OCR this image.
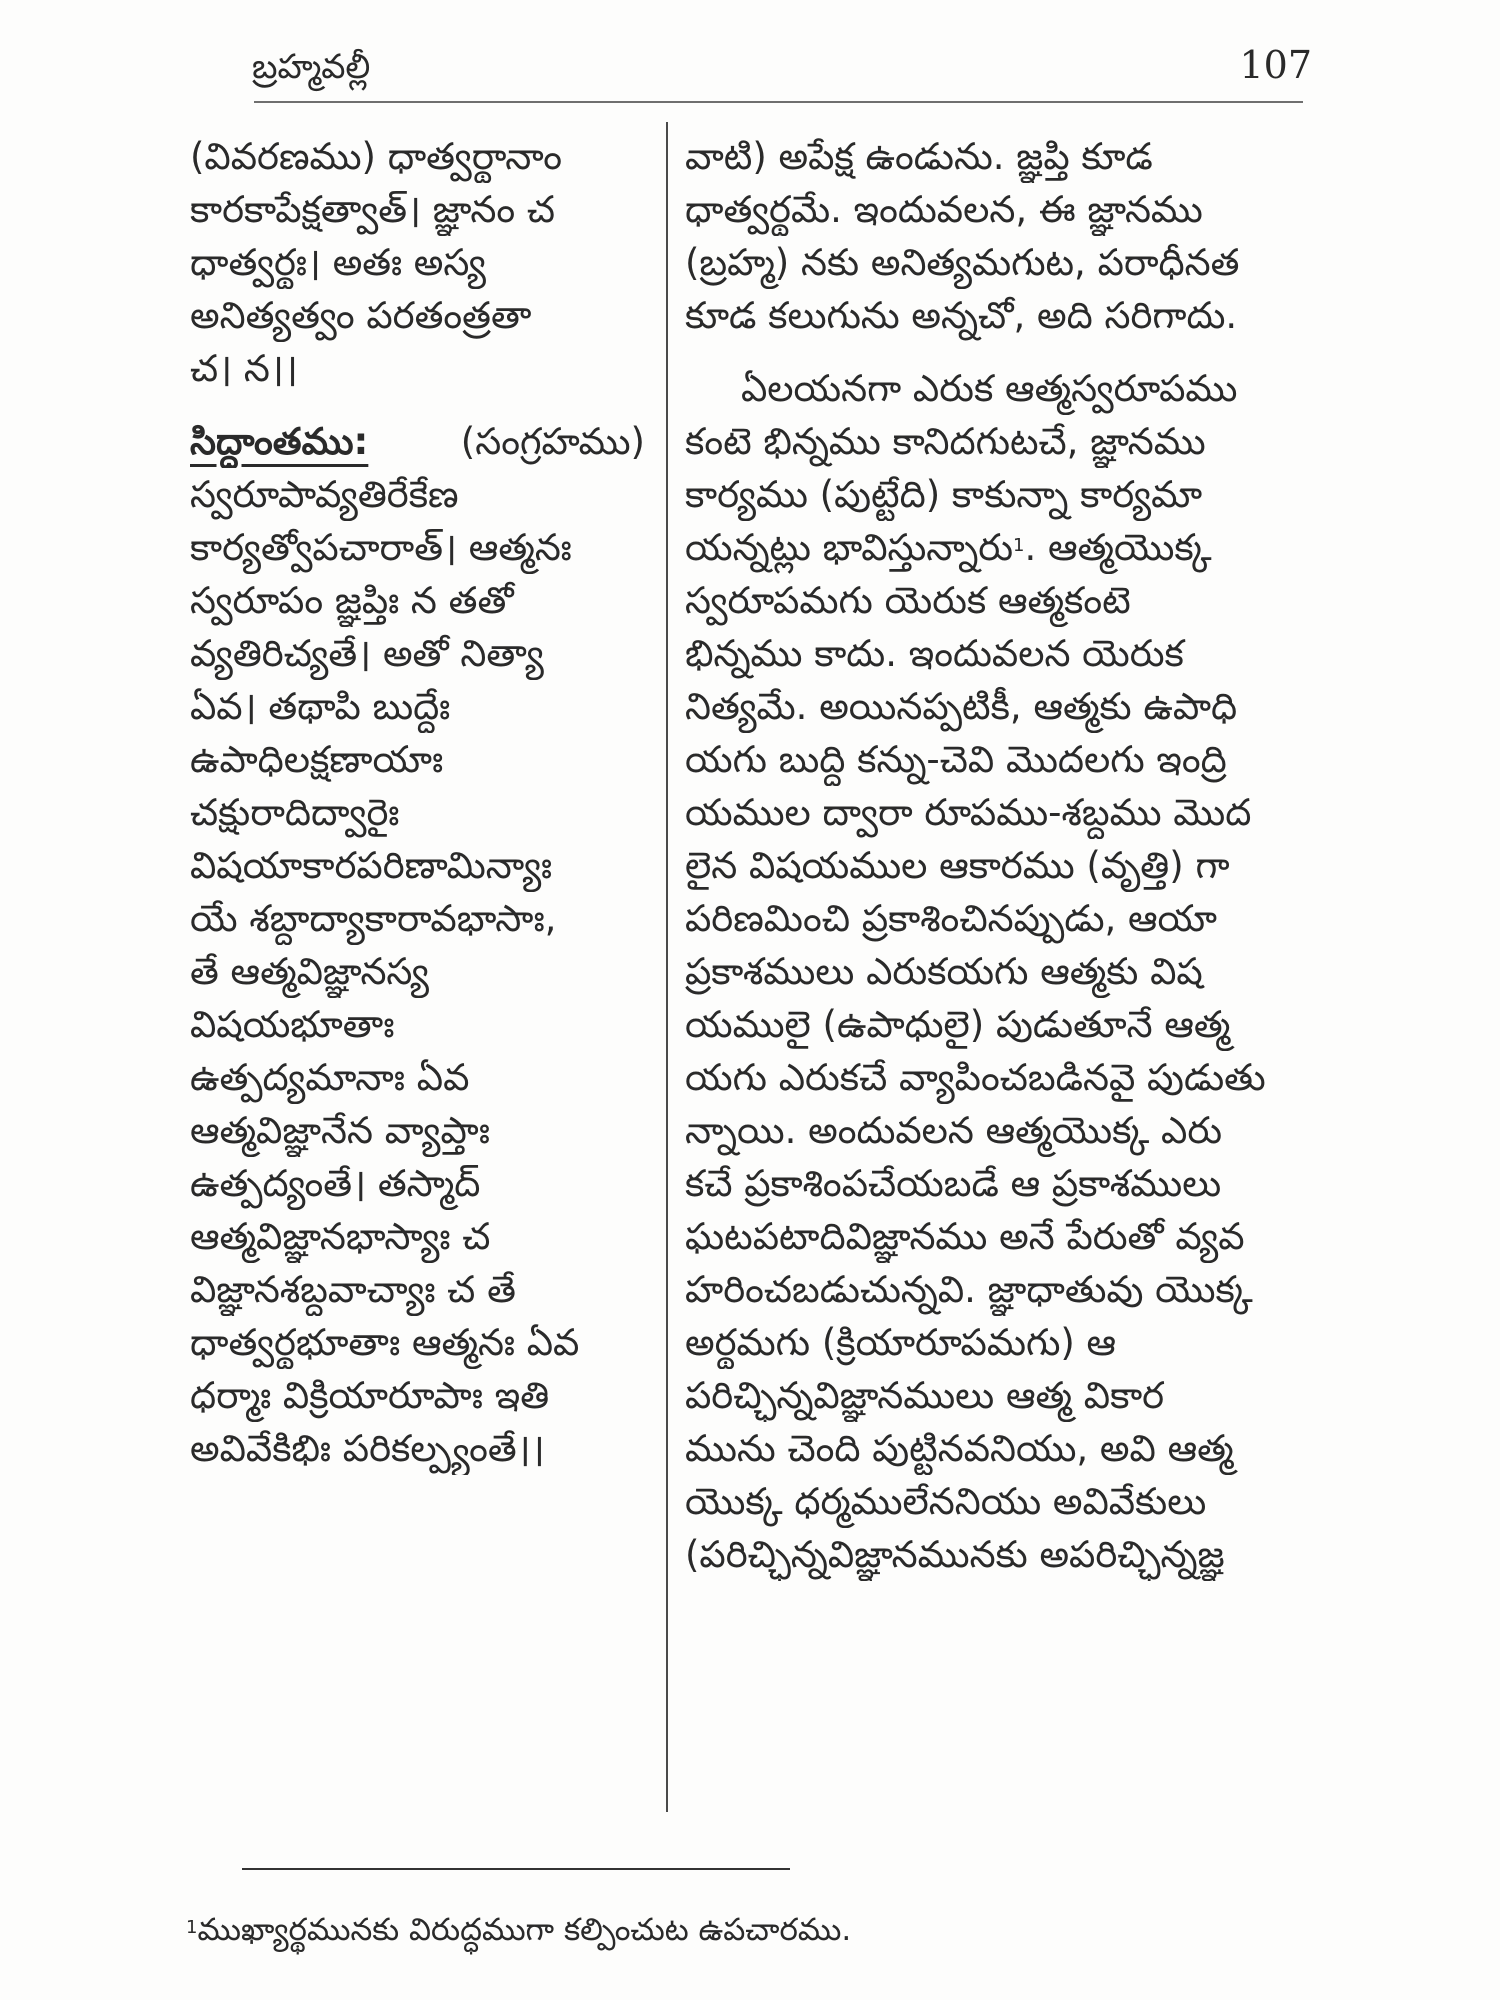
బ్రహ్మవల్లీ	107
(వివరణము) ధాత్వర్థానాం
కారకాపేక్షత్వాత్। జ్ఞానం చ
ధాత్వర్థః। అతః అస్య
అనిత్యత్వం పరతంత్రతా
చ। న।।
సిద్ధాంతము: (సంగ్రహము)
స్వరూపావ్యతిరేకేణ
కార్యత్వోపచారాత్। ఆత్మనః
స్వరూపం జ్ఞప్తిః న తతో
వ్యతిరిచ్యతే। అతో నిత్యా
ఏవ। తథాపి బుద్ధేః
ఉపాధిలక్షణాయాః
చక్షురాదిద్వారైః
విషయాకారపరిణామిన్యాః
యే శబ్దాద్యాకారావభాసాః,
తే ఆత్మవిజ్ఞానస్య
విషయభూతాః
ఉత్పద్యమానాః ఏవ
ఆత్మవిజ్ఞానేన వ్యాప్తాః
ఉత్పద్యంతే। తస్మాద్
ఆత్మవిజ్ఞానభాస్యాః చ
విజ్ఞానశబ్దవాచ్యాః చ తే
ధాత్వర్థభూతాః ఆత్మనః ఏవ
ధర్మాః విక్రియారూపాః ఇతి
అవివేకిభిః పరికల్ప్యంతే।।
వాటి) అపేక్ష ఉండును. జ్ఞప్తి కూడ
ధాత్వర్థమే. ఇందువలన, ఈ జ్ఞానము
(బ్రహ్మ) నకు అనిత్యమగుట, పరాధీనత
కూడ కలుగును అన్నచో, అది సరిగాదు.
ఏలయనగా ఎరుక ఆత్మస్వరూపము
కంటె భిన్నము కానిదగుటచే, జ్ఞానము
కార్యము (పుట్టేది) కాకున్నా కార్యమా
యన్నట్లు భావిస్తున్నారు$^1$. ఆత్మయొక్క
స్వరూపమగు యెరుక ఆత్మకంటె
భిన్నము కాదు. ఇందువలన యెరుక
నిత్యమే. అయినప్పటికీ, ఆత్మకు ఉపాధి
యగు బుద్ధి కన్ను-చెవి మొదలగు ఇంద్రి
యముల ద్వారా రూపము-శబ్దము మొద
లైన విషయముల ఆకారము (వృత్తి) గా
పరిణమించి ప్రకాశించినప్పుడు, ఆయా
ప్రకాశములు ఎరుకయగు ఆత్మకు విష
యములై (ఉపాధులై) పుడుతూనే ఆత్మ
యగు ఎరుకచే వ్యాపించబడినవై పుడుతు
న్నాయి. అందువలన ఆత్మయొక్క ఎరు
కచే ప్రకాశింపచేయబడే ఆ ప్రకాశములు
ఘటపటాదివిజ్ఞానము అనే పేరుతో వ్యవ
హరించబడుచున్నవి. జ్ఞాధాతువు యొక్క
అర్థమగు (క్రియారూపమగు) ఆ
పరిచ్ఛిన్నవిజ్ఞానములు ఆత్మ వికార
మును చెంది పుట్టినవనియు, అవి ఆత్మ
యొక్క ధర్మములేననియు అవివేకులు
(పరిచ్ఛిన్నవిజ్ఞానమునకు అపరిచ్ఛిన్నజ్ఞ
$^1$ముఖ్యార్థమునకు విరుద్ధముగా కల్పించుట ఉపచారము.
